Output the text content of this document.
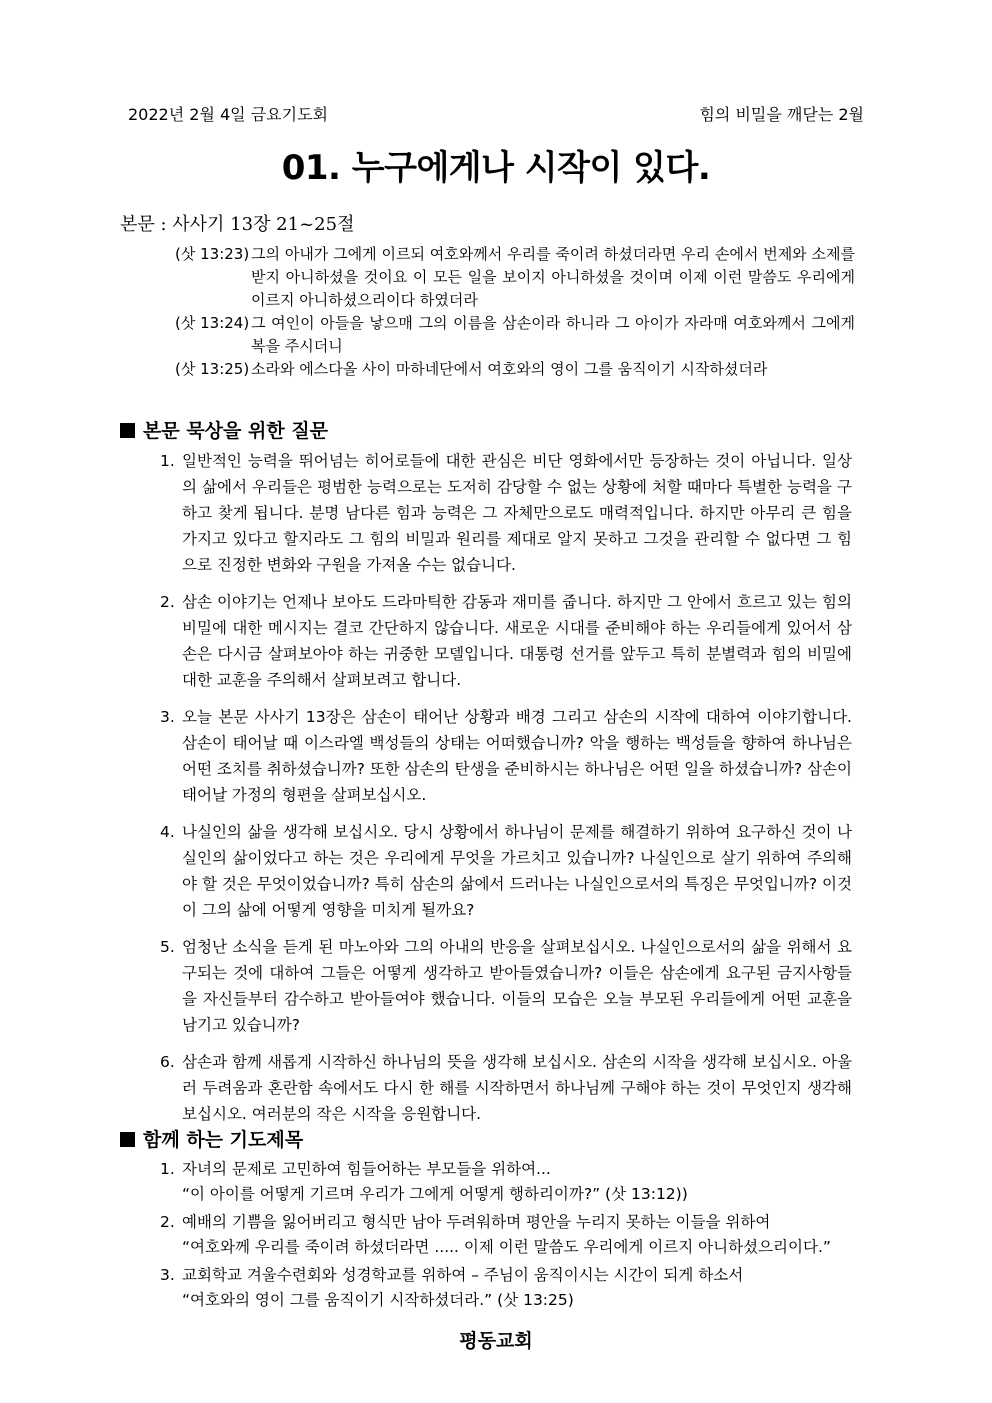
2022년 2월 4일 금요기도회	힘의 비밀을 깨닫는 2월
01. 누구에게나 시작이 있다.
본문 : 사사기 13장 21~25절

(삿 13:23) 그의 아내가 그에게 이르되 여호와께서 우리를 죽이려 하셨더라면 우리 손에서 번제와 소제를 받지 아니하셨을 것이요 이 모든 일을 보이지 아니하셨을 것이며 이제 이런 말씀도 우리에게 이르지 아니하셨으리이다 하였더라

(삿 13:24) 그 여인이 아들을 낳으매 그의 이름을 삼손이라 하니라 그 아이가 자라매 여호와께서 그에게 복을 주시더니

(삿 13:25) 소라와 에스다올 사이 마하네단에서 여호와의 영이 그를 움직이기 시작하셨더라

본문 묵상을 위한 질문
1. 일반적인 능력을 뛰어넘는 히어로들에 대한 관심은 비단 영화에서만 등장하는 것이 아닙니다. 일상의 삶에서 우리들은 평범한 능력으로는 도저히 감당할 수 없는 상황에 처할 때마다 특별한 능력을 구하고 찾게 됩니다. 분명 남다른 힘과 능력은 그 자체만으로도 매력적입니다. 하지만 아무리 큰 힘을 가지고 있다고 할지라도 그 힘의 비밀과 원리를 제대로 알지 못하고 그것을 관리할 수 없다면 그 힘으로 진정한 변화와 구원을 가져올 수는 없습니다.
2. 삼손 이야기는 언제나 보아도 드라마틱한 감동과 재미를 줍니다. 하지만 그 안에서 흐르고 있는 힘의 비밀에 대한 메시지는 결코 간단하지 않습니다. 새로운 시대를 준비해야 하는 우리들에게 있어서 삼손은 다시금 살펴보아야 하는 귀중한 모델입니다. 대통령 선거를 앞두고 특히 분별력과 힘의 비밀에 대한 교훈을 주의해서 살펴보려고 합니다.
3. 오늘 본문 사사기 13장은 삼손이 태어난 상황과 배경 그리고 삼손의 시작에 대하여 이야기합니다. 삼손이 태어날 때 이스라엘 백성들의 상태는 어떠했습니까? 악을 행하는 백성들을 향하여 하나님은 어떤 조치를 취하셨습니까? 또한 삼손의 탄생을 준비하시는 하나님은 어떤 일을 하셨습니까? 삼손이 태어날 가정의 형편을 살펴보십시오.
4. 나실인의 삶을 생각해 보십시오. 당시 상황에서 하나님이 문제를 해결하기 위하여 요구하신 것이 나실인의 삶이었다고 하는 것은 우리에게 무엇을 가르치고 있습니까? 나실인으로 살기 위하여 주의해야 할 것은 무엇이었습니까? 특히 삼손의 삶에서 드러나는 나실인으로서의 특징은 무엇입니까? 이것이 그의 삶에 어떻게 영향을 미치게 될까요?
5. 엄청난 소식을 듣게 된 마노아와 그의 아내의 반응을 살펴보십시오. 나실인으로서의 삶을 위해서 요구되는 것에 대하여 그들은 어떻게 생각하고 받아들였습니까? 이들은 삼손에게 요구된 금지사항들을 자신들부터 감수하고 받아들여야 했습니다. 이들의 모습은 오늘 부모된 우리들에게 어떤 교훈을 남기고 있습니까?
6. 삼손과 함께 새롭게 시작하신 하나님의 뜻을 생각해 보십시오. 삼손의 시작을 생각해 보십시오. 아울러 두려움과 혼란함 속에서도 다시 한 해를 시작하면서 하나님께 구해야 하는 것이 무엇인지 생각해 보십시오. 여러분의 작은 시작을 응원합니다.
함께 하는 기도제목
1. 자녀의 문제로 고민하여 힘들어하는 부모들을 위하여...
“이 아이를 어떻게 기르며 우리가 그에게 어떻게 행하리이까?” (삿 13:12))
2. 예배의 기쁨을 잃어버리고 형식만 남아 두려워하며 평안을 누리지 못하는 이들을 위하여
“여호와께 우리를 죽이려 하셨더라면 ..... 이제 이런 말씀도 우리에게 이르지 아니하셨으리이다.”
3. 교회학교 겨울수련회와 성경학교를 위하여 – 주님이 움직이시는 시간이 되게 하소서
“여호와의 영이 그를 움직이기 시작하셨더라.” (삿 13:25)
평동교회
